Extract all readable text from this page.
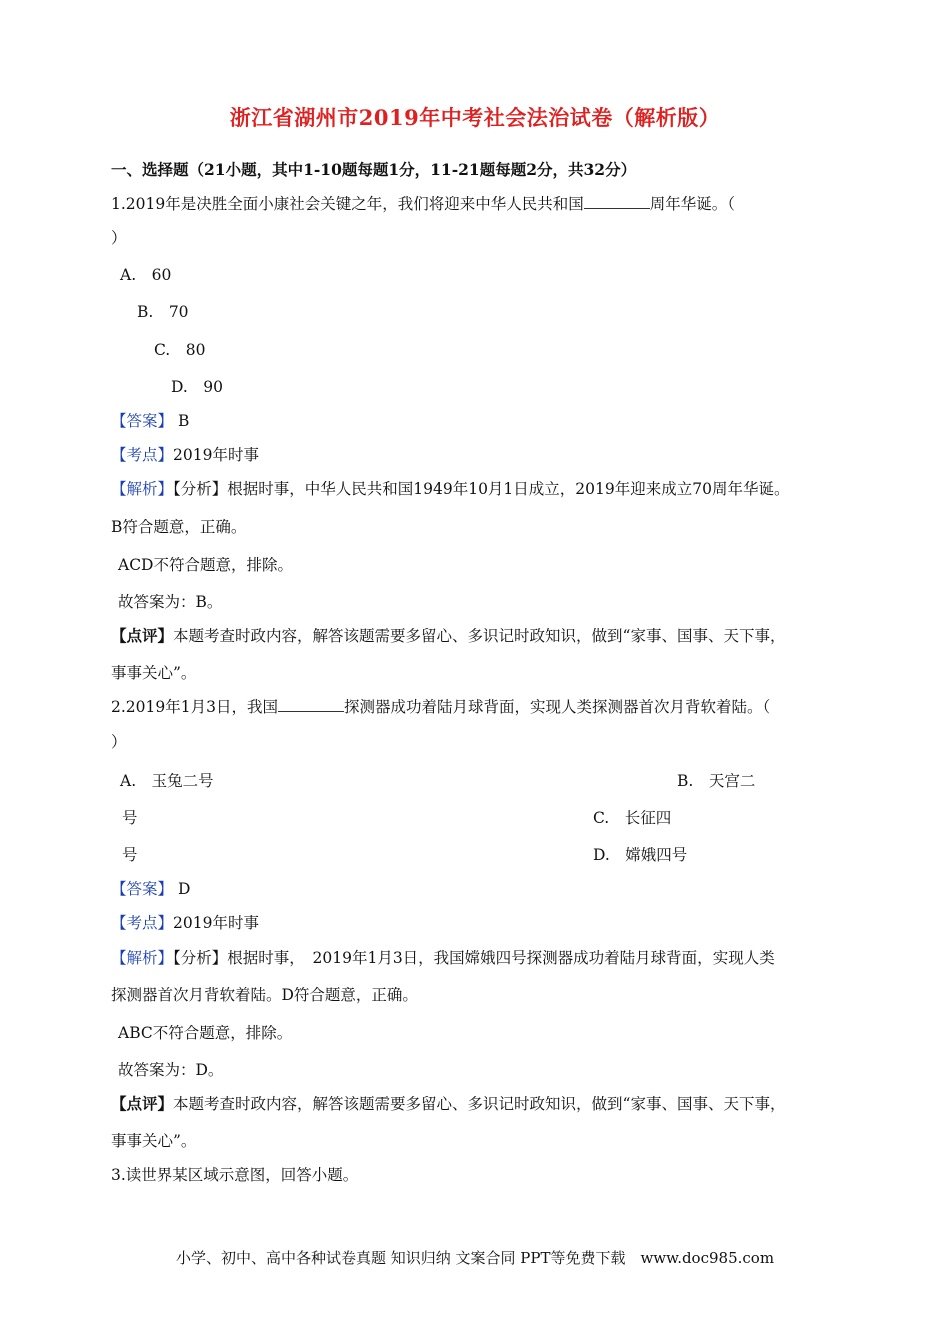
浙江省湖州市2019年中考社会法治试卷（解析版）
一、选择题（21小题，其中1-10题每题1分，11-21题每题2分，共32分）
1.2019年是决胜全面小康社会关键之年，我们将迎来中华人民共和国	周年华诞。（
）
A.　60
B.　70
C.　80
D.　90
【答案】 B
【考点】2019年时事
【解析】【分析】根据时事，中华人民共和国1949年10月1日成立，2019年迎来成立70周年华诞。
B符合题意，正确。
ACD不符合题意，排除。
故答案为：B。
【点评】本题考查时政内容，解答该题需要多留心、多识记时政知识，做到“家事、国事、天下事，
事事关心”。
2.2019年1月3日，我国	探测器成功着陆月球背面，实现人类探测器首次月背软着陆。（
）
A.　玉兔二号	B.　天宫二
号	C.　长征四
号	D.　嫦娥四号
【答案】 D
【考点】2019年时事
【解析】【分析】根据时事，　2019年1月3日，我国嫦娥四号探测器成功着陆月球背面，实现人类
探测器首次月背软着陆。D符合题意，正确。
ABC不符合题意，排除。
故答案为：D。
【点评】本题考查时政内容，解答该题需要多留心、多识记时政知识，做到“家事、国事、天下事，
事事关心”。
3.读世界某区域示意图，回答小题。
小学、初中、高中各种试卷真题 知识归纳 文案合同 PPT等免费下载　www.doc985.com
